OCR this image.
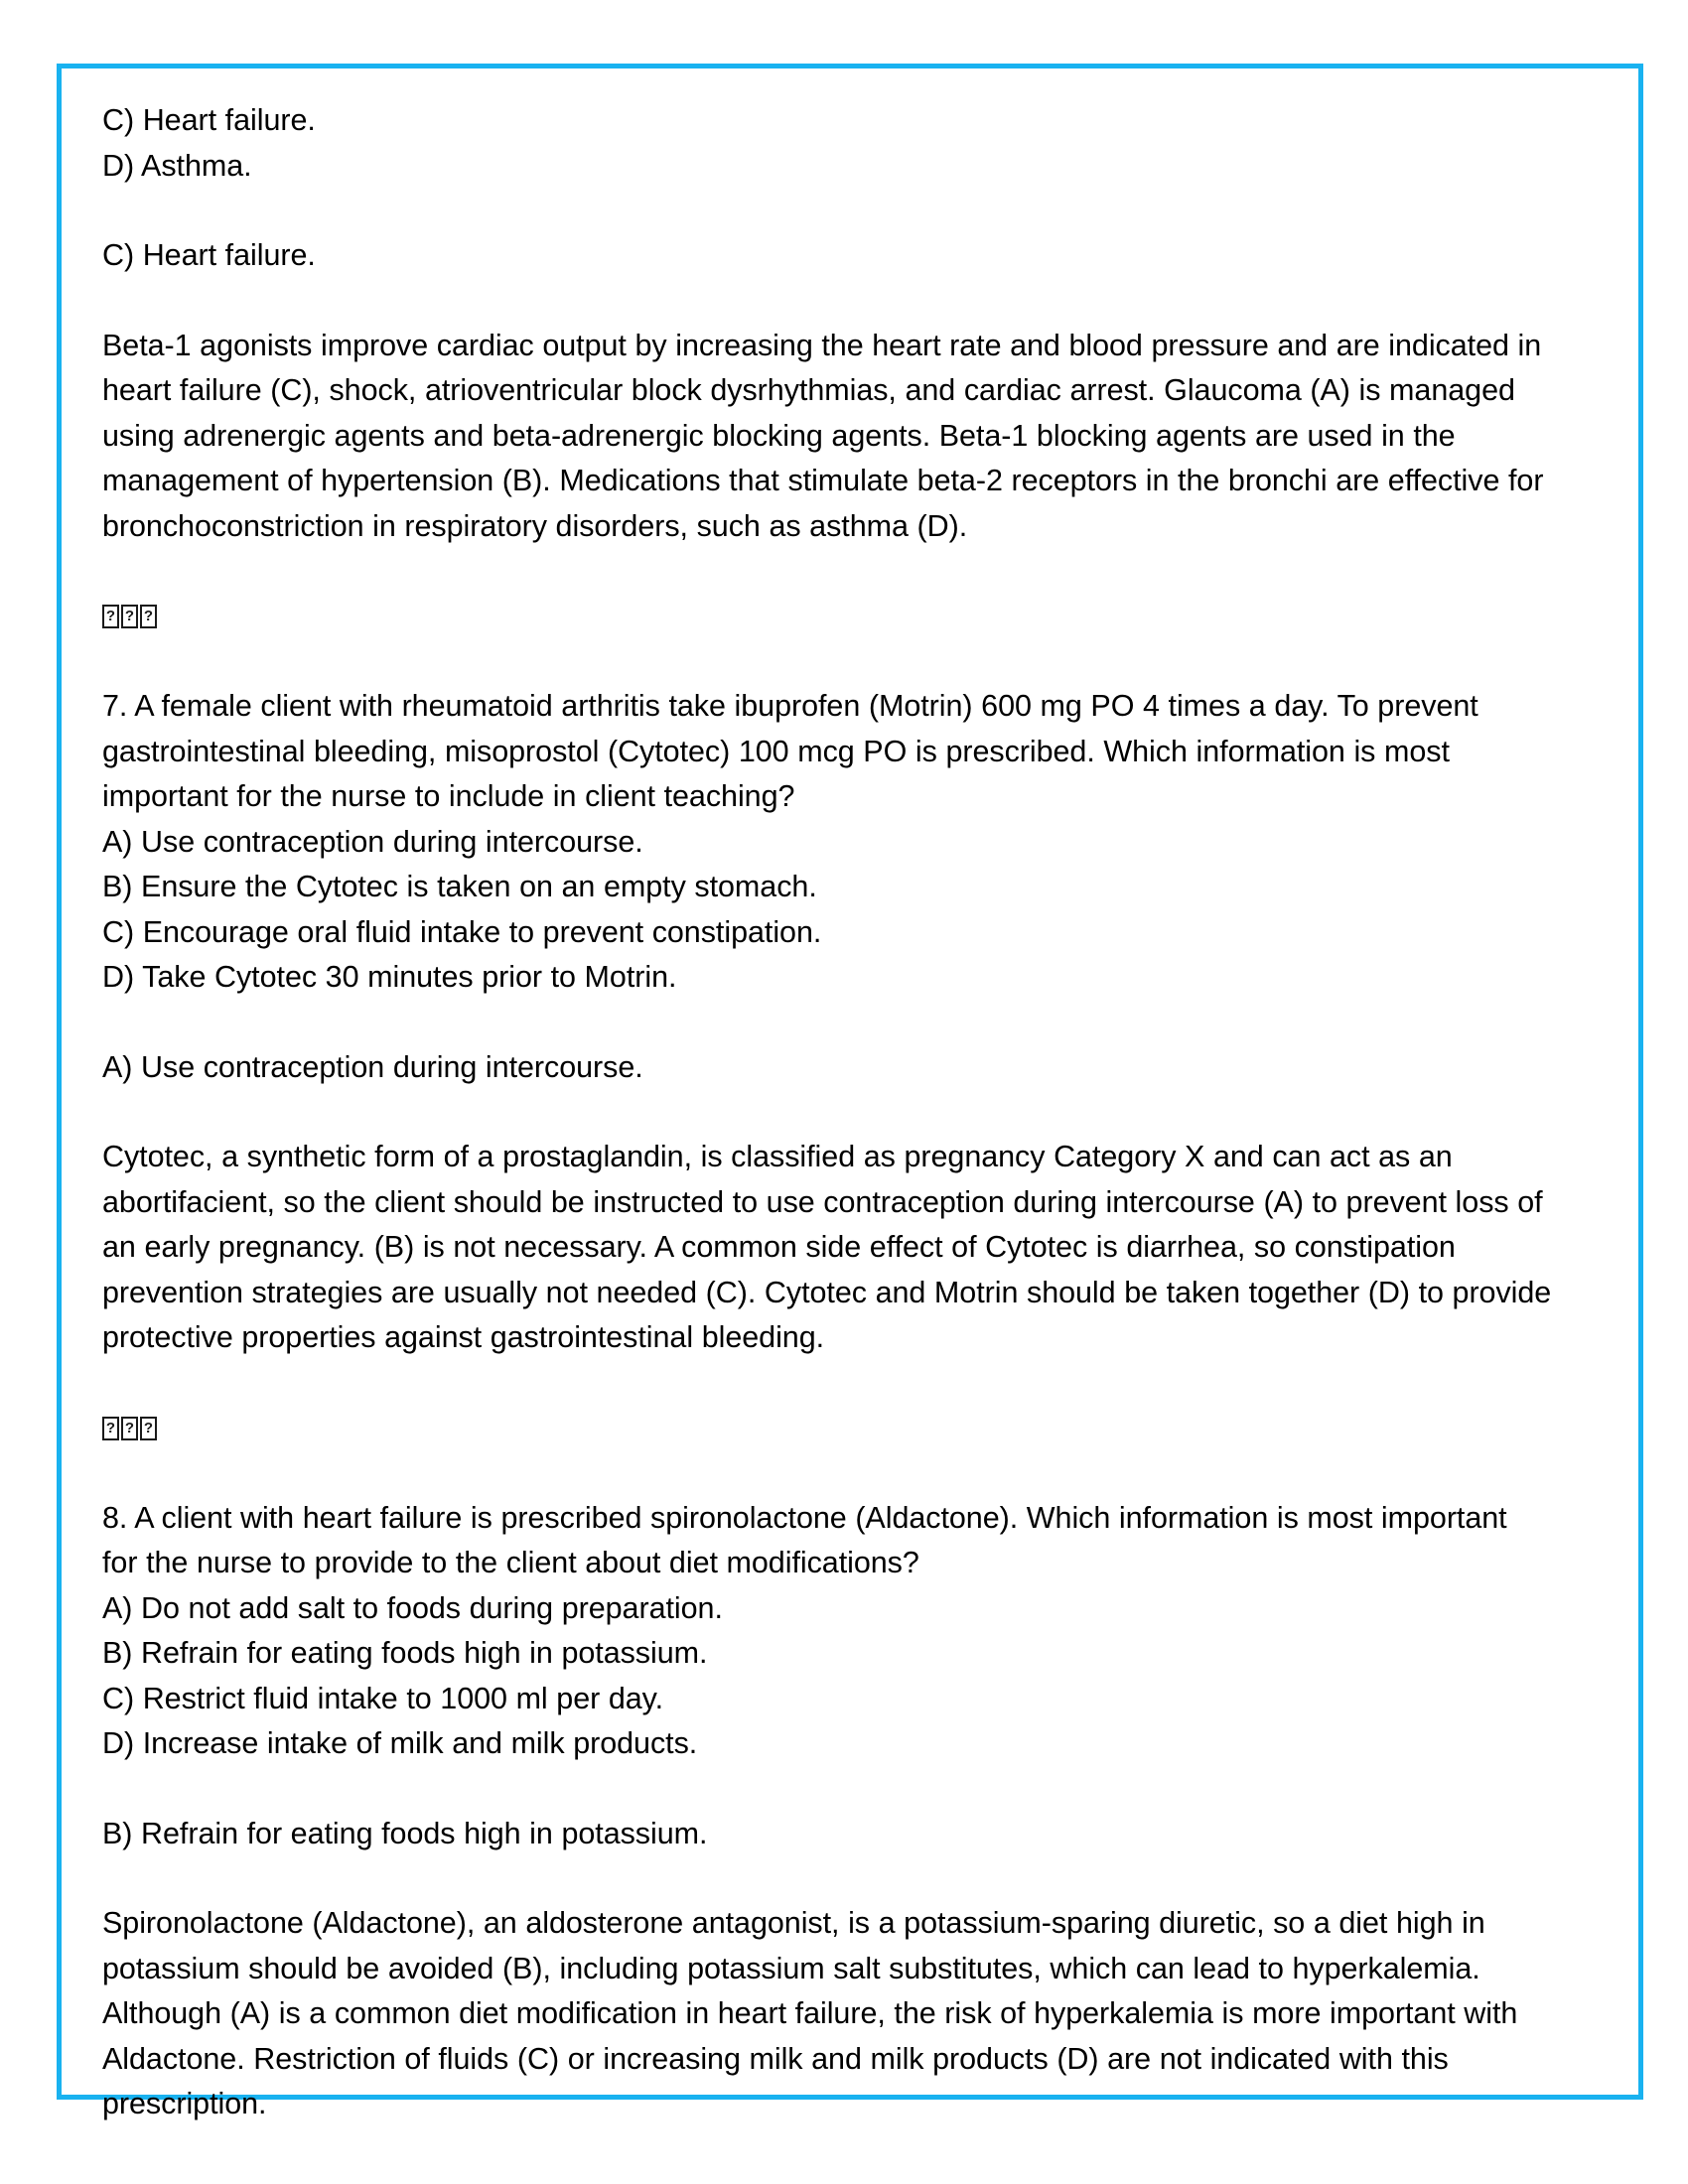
C) Heart failure.

D) Asthma.

C) Heart failure.

Beta-1 agonists improve cardiac output by increasing the heart rate and blood pressure and are indicated in

heart failure (C), shock, atrioventricular block dysrhythmias, and cardiac arrest. Glaucoma (A) is managed

using adrenergic agents and beta-adrenergic blocking agents. Beta-1 blocking agents are used in the

management of hypertension (B). Medications that stimulate beta-2 receptors in the bronchi are effective for

bronchoconstriction in respiratory disorders, such as asthma (D).

? ? ?

7. A female client with rheumatoid arthritis take ibuprofen (Motrin) 600 mg PO 4 times a day. To prevent

gastrointestinal bleeding, misoprostol (Cytotec) 100 mcg PO is prescribed. Which information is most

important for the nurse to include in client teaching?

A) Use contraception during intercourse.

B) Ensure the Cytotec is taken on an empty stomach.

C) Encourage oral fluid intake to prevent constipation.

D) Take Cytotec 30 minutes prior to Motrin.

A) Use contraception during intercourse.

Cytotec, a synthetic form of a prostaglandin, is classified as pregnancy Category X and can act as an

abortifacient, so the client should be instructed to use contraception during intercourse (A) to prevent loss of

an early pregnancy. (B) is not necessary. A common side effect of Cytotec is diarrhea, so constipation

prevention strategies are usually not needed (C). Cytotec and Motrin should be taken together (D) to provide

protective properties against gastrointestinal bleeding.

? ? ?

8. A client with heart failure is prescribed spironolactone (Aldactone). Which information is most important

for the nurse to provide to the client about diet modifications?

A) Do not add salt to foods during preparation.

B) Refrain for eating foods high in potassium.

C) Restrict fluid intake to 1000 ml per day.

D) Increase intake of milk and milk products.

B) Refrain for eating foods high in potassium.

Spironolactone (Aldactone), an aldosterone antagonist, is a potassium-sparing diuretic, so a diet high in

potassium should be avoided (B), including potassium salt substitutes, which can lead to hyperkalemia.

Although (A) is a common diet modification in heart failure, the risk of hyperkalemia is more important with

Aldactone. Restriction of fluids (C) or increasing milk and milk products (D) are not indicated with this

prescription.
